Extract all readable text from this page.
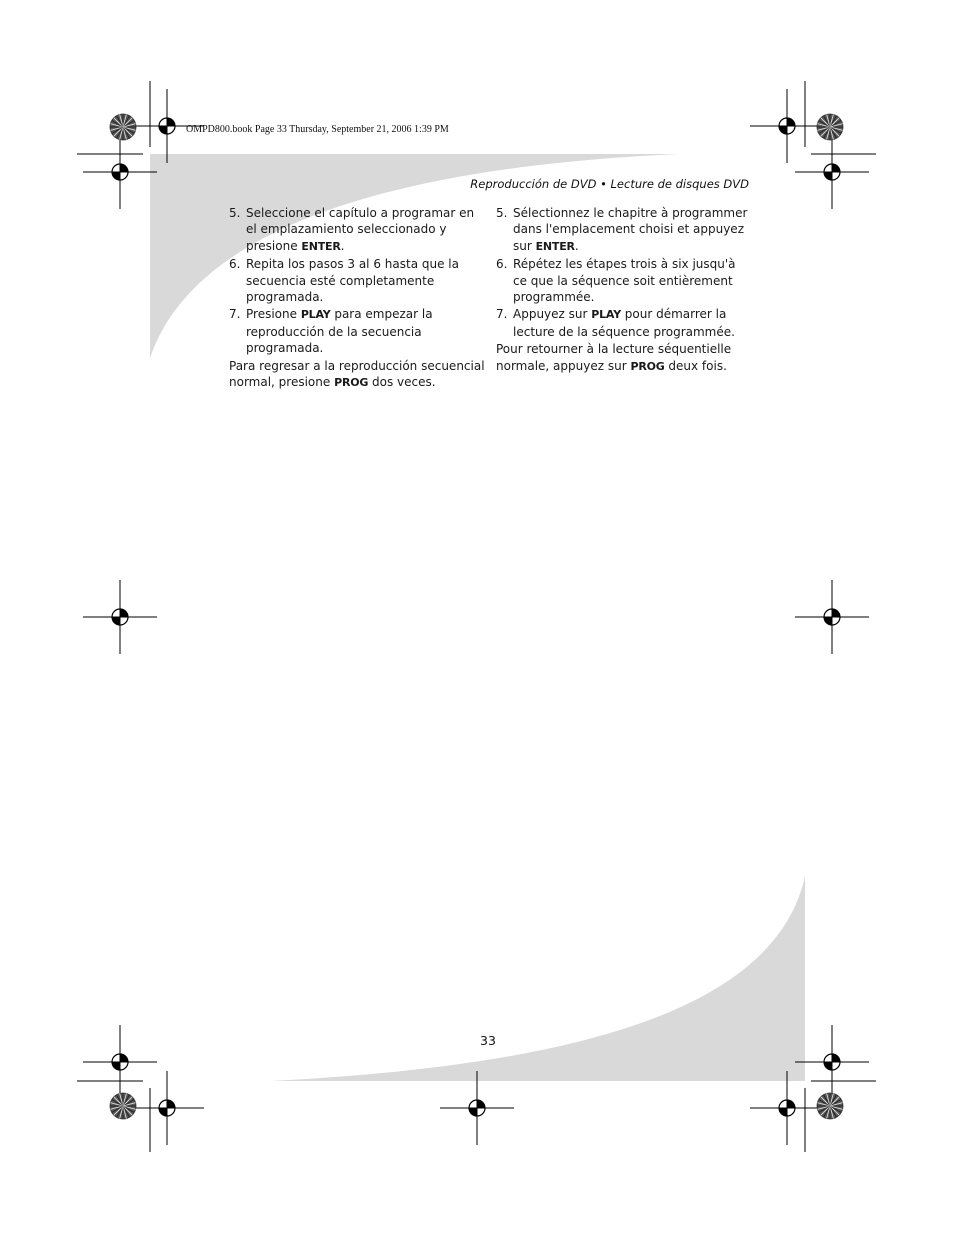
OMPD800.book Page 33 Thursday, September 21, 2006 1:39 PM
Reproducción de DVD • Lecture de disques DVD
5. Seleccione el capítulo a programar en el emplazamiento seleccionado y presione ENTER.
6. Repita los pasos 3 al 6 hasta que la secuencia esté completamente programada.
7. Presione PLAY para empezar la reproducción de la secuencia programada.

Para regresar a la reproducción secuencial normal, presione PROG dos veces.

5. Sélectionnez le chapitre à programmer dans l'emplacement choisi et appuyez sur ENTER.
6. Répétez les étapes trois à six jusqu'à ce que la séquence soit entièrement programmée.
7. Appuyez sur PLAY pour démarrer la lecture de la séquence programmée.

Pour retourner à la lecture séquentielle normale, appuyez sur PROG deux fois.

33
